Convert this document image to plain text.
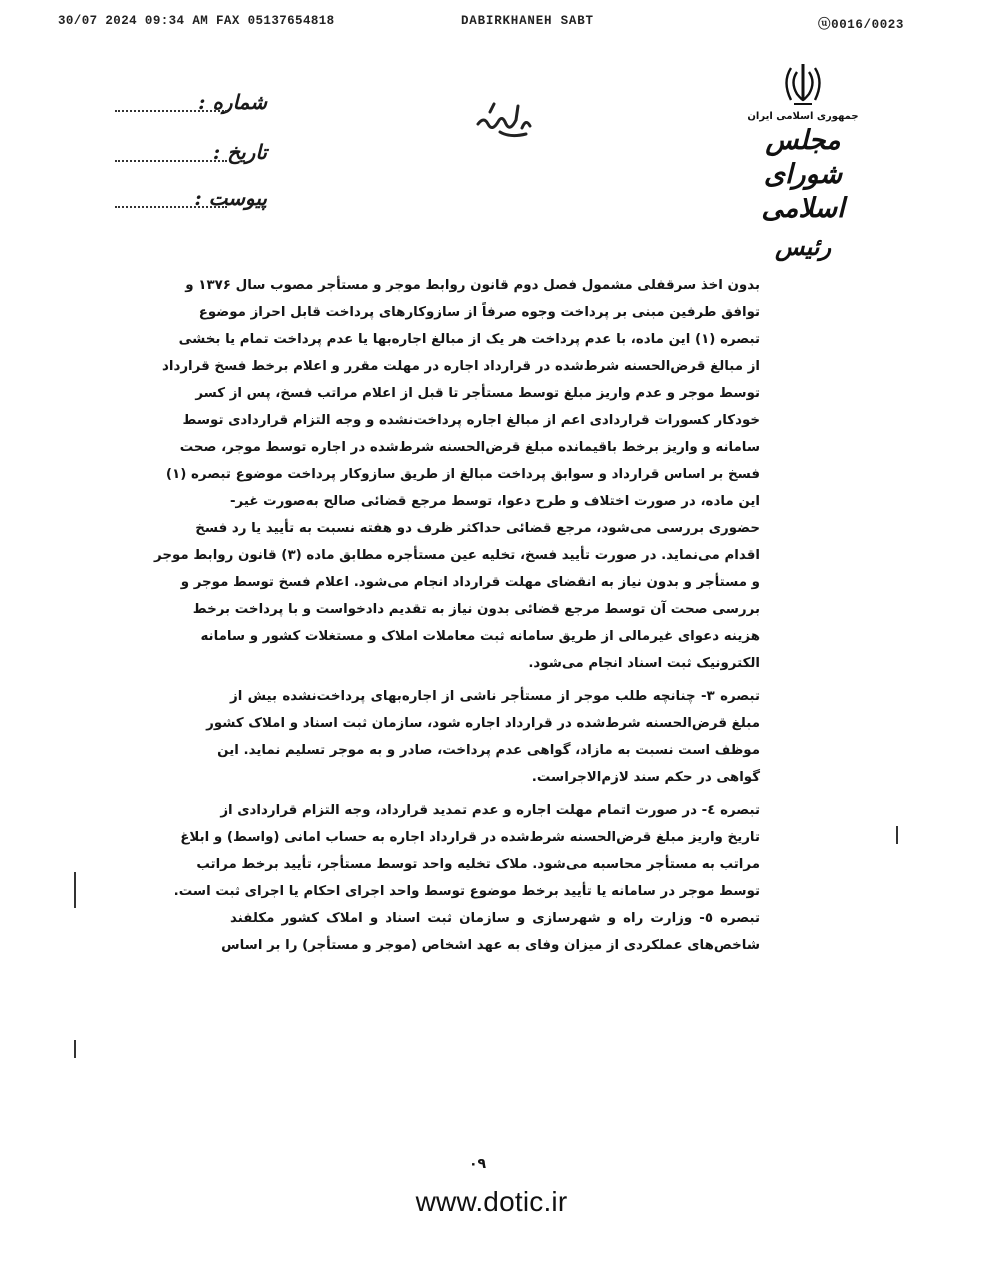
30/07 2024 09:34 AM FAX 05137654818	DABIRKHANEH SABT	ⓤ0016/0023
شماره :
تاریخ :
پیوست :
جمهوری اسلامی ایران
مجلس شورای اسلامی
رئیس

بدون اخذ سرقفلی مشمول فصل دوم قانون روابط موجر و مستأجر مصوب سال ۱۳۷۶ و

توافق طرفین مبنی بر پرداخت وجوه صرفاً از سازوکارهای پرداخت قابل احراز موضوع

تبصره (۱) این ماده، با عدم پرداخت هر یک از مبالغ اجاره‌بها یا عدم پرداخت تمام یا بخشی

از مبالغ قرض‌الحسنه شرط‌شده در قرارداد اجاره در مهلت مقرر و اعلام برخط فسخ قرارداد

توسط موجر و عدم واریز مبلغ توسط مستأجر تا قبل از اعلام مراتب فسخ، پس از کسر

خودکار کسورات قراردادی اعم از مبالغ اجاره پرداخت‌نشده و وجه التزام قراردادی توسط

سامانه و واریز برخط باقیمانده مبلغ قرض‌الحسنه شرط‌شده در اجاره توسط موجر، صحت

فسخ بر اساس قرارداد و سوابق پرداخت مبالغ از طریق سازوکار پرداخت موضوع تبصره (۱)

این ماده، در صورت اختلاف و طرح دعوا، توسط مرجع قضائی صالح به‌صورت غیر-

حضوری بررسی می‌شود، مرجع قضائی حداکثر ظرف دو هفته نسبت به تأیید یا رد فسخ

اقدام می‌نماید. در صورت تأیید فسخ، تخلیه عین مستأجره مطابق ماده (۳) قانون روابط موجر

و مستأجر و بدون نیاز به انقضای مهلت قرارداد انجام می‌شود. اعلام فسخ توسط موجر و

بررسی صحت آن توسط مرجع قضائی بدون نیاز به تقدیم دادخواست و با پرداخت برخط

هزینه دعوای غیرمالی از طریق سامانه ثبت معاملات املاک و مستغلات کشور و سامانه

الکترونیک ثبت اسناد انجام می‌شود.

تبصره ۳- چنانچه طلب موجر از مستأجر ناشی از اجاره‌بهای پرداخت‌نشده بیش از

مبلغ قرض‌الحسنه شرط‌شده در قرارداد اجاره شود، سازمان ثبت اسناد و املاک کشور

موظف است نسبت به مازاد، گواهی عدم پرداخت، صادر و به موجر تسلیم نماید. این

گواهی در حکم سند لازم‌الاجراست.

تبصره ٤- در صورت اتمام مهلت اجاره و عدم تمدید قرارداد، وجه التزام قراردادی از

تاریخ واریز مبلغ قرض‌الحسنه شرط‌شده در قرارداد اجاره به حساب امانی (واسط) و ابلاغ

مراتب به مستأجر محاسبه می‌شود. ملاک تخلیه واحد توسط مستأجر، تأیید برخط مراتب

توسط موجر در سامانه یا تأیید برخط موضوع توسط واحد اجرای احکام یا اجرای ثبت است.

تبصره ٥- وزارت راه و شهرسازی و سازمان ثبت اسناد و املاک کشور مکلفند

شاخص‌های عملکردی از میزان وفای به عهد اشخاص (موجر و مستأجر) را بر اساس

۰۹
www.dotic.ir
